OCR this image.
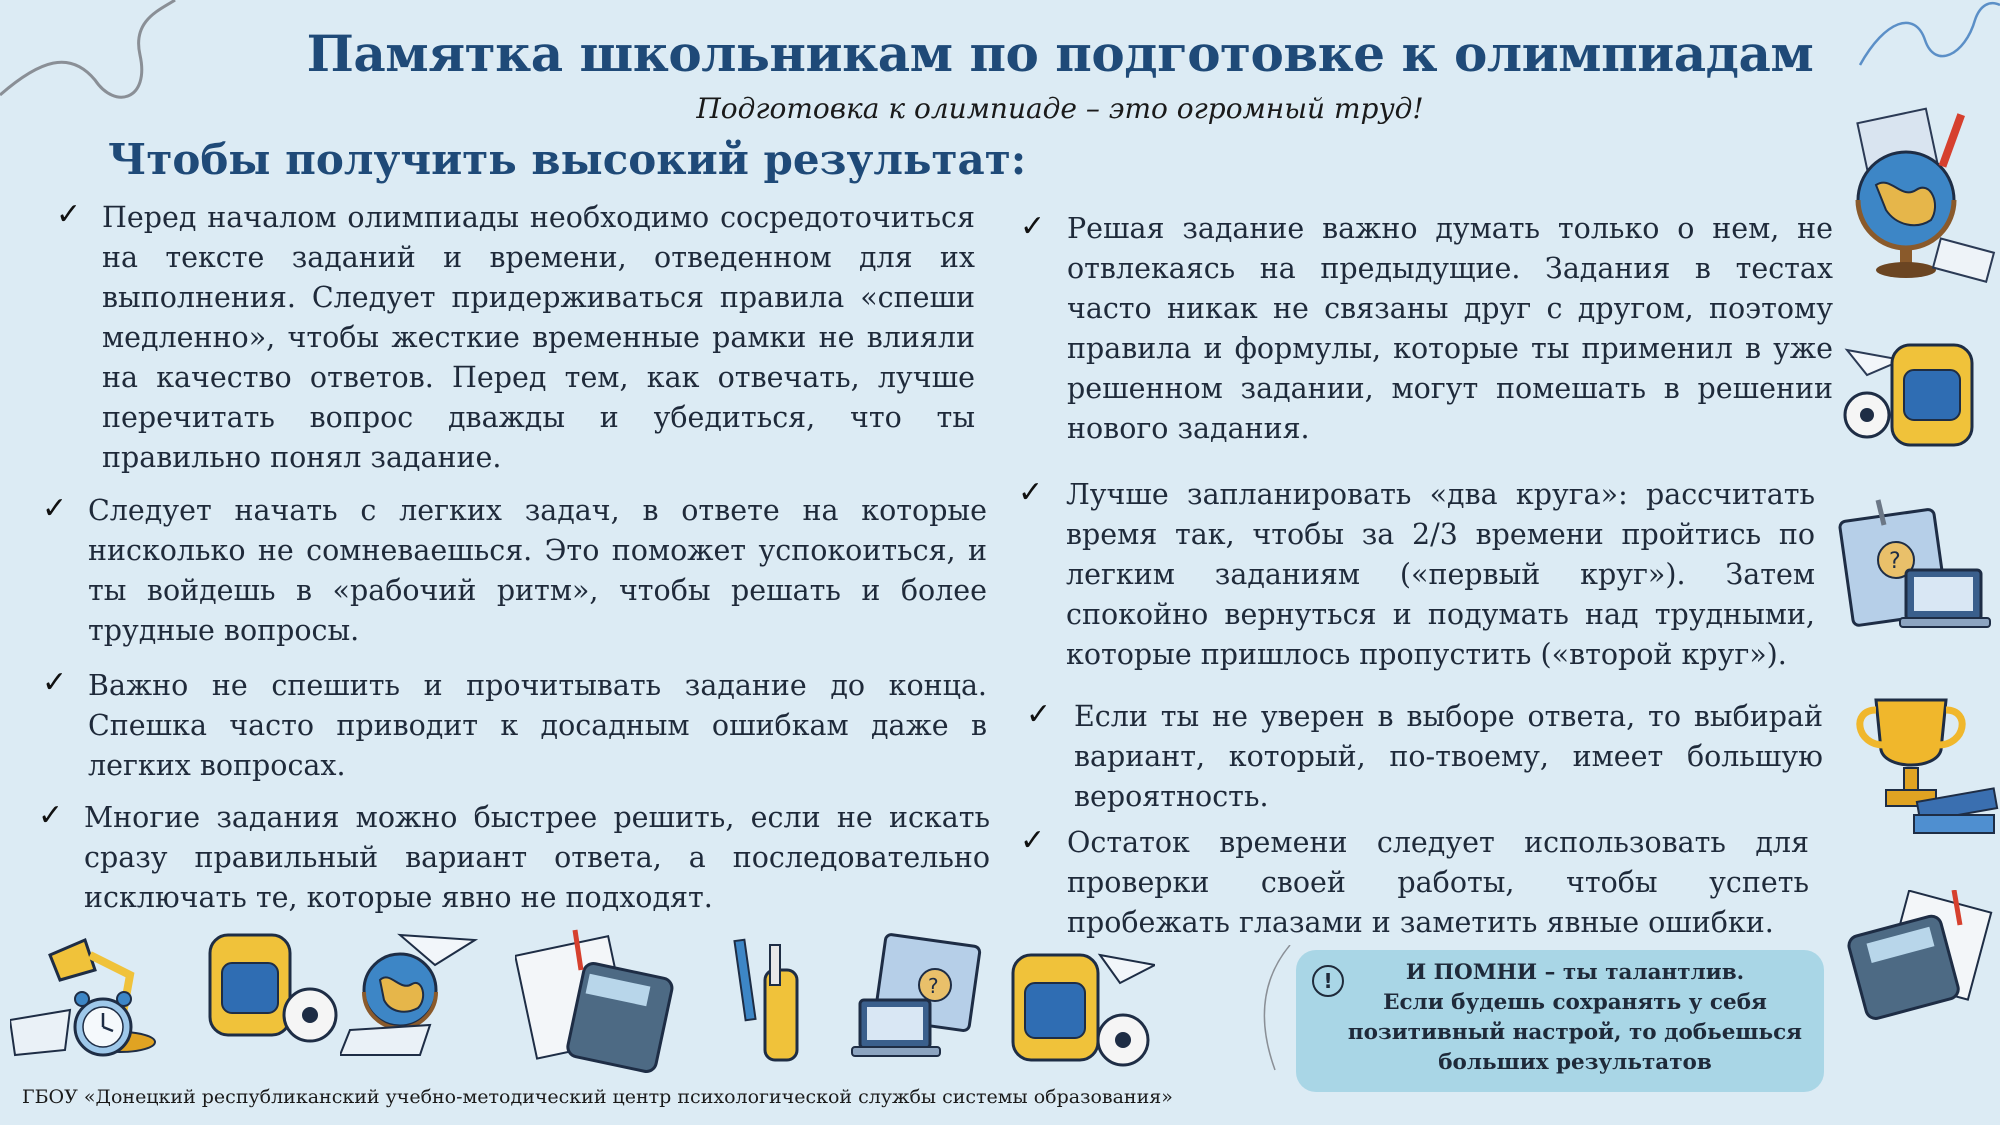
Памятка школьникам по подготовке к олимпиадам
Подготовка к олимпиаде – это огромный труд!
Чтобы получить высокий результат:
✓ Перед началом олимпиады необходимо сосредоточиться на тексте заданий и времени, отведенном для их выполнения. Следует придерживаться правила «спеши медленно», чтобы жесткие временные рамки не влияли на качество ответов. Перед тем, как отвечать, лучше перечитать вопрос дважды и убедиться, что ты правильно понял задание.
✓ Следует начать с легких задач, в ответе на которые нисколько не сомневаешься. Это поможет успокоиться, и ты войдешь в «рабочий ритм», чтобы решать и более трудные вопросы.
✓ Важно не спешить и прочитывать задание до конца. Спешка часто приводит к досадным ошибкам даже в легких вопросах.
✓ Многие задания можно быстрее решить, если не искать сразу правильный вариант ответа, а последовательно исключать те, которые явно не подходят.
✓ Решая задание важно думать только о нем, не отвлекаясь на предыдущие. Задания в тестах часто никак не связаны друг с другом, поэтому правила и формулы, которые ты применил в уже решенном задании, могут помешать в решении нового задания.
✓ Лучше запланировать «два круга»: рассчитать время так, чтобы за 2/3 времени пройтись по легким заданиям («первый круг»). Затем спокойно вернуться и подумать над трудными, которые пришлось пропустить («второй круг»).
✓ Если ты не уверен в выборе ответа, то выбирай вариант, который, по-твоему, имеет большую вероятность.
✓ Остаток времени следует использовать для проверки своей работы, чтобы успеть пробежать глазами и заметить явные ошибки.
!	И ПОМНИ – ты талантлив.
Если будешь сохранять у себя позитивный настрой, то добьешься больших результатов
ГБОУ «Донецкий республиканский учебно-методический центр психологической службы системы образования»
?
?
